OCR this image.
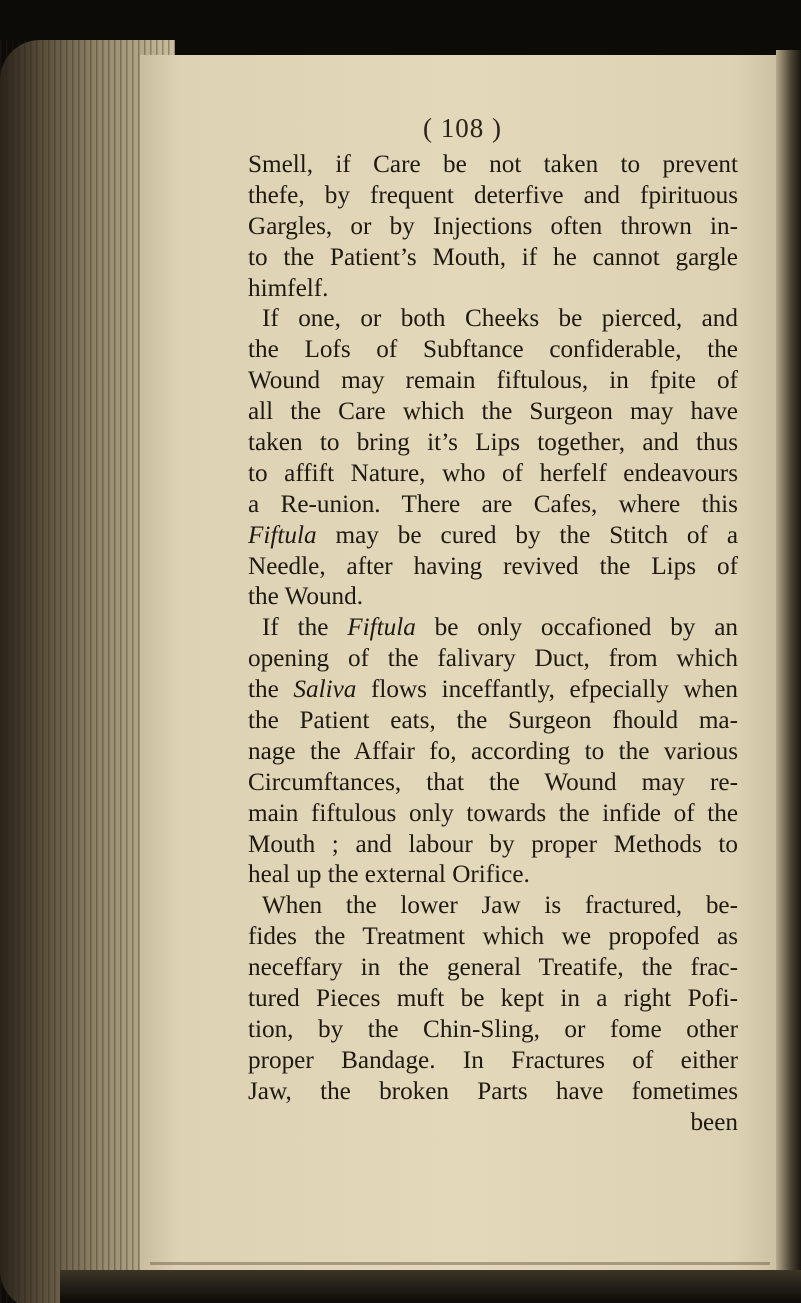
( 108 )
Smell, if Care be not taken to prevent
thefe, by frequent deterfive and fpirituous
Gargles, or by Injections often thrown in-
to the Patient’s Mouth, if he cannot gargle
himfelf.
If one, or both Cheeks be pierced, and
the Lofs of Subftance confiderable, the
Wound may remain fiftulous, in fpite of
all the Care which the Surgeon may have
taken to bring it’s Lips together, and thus
to affift Nature, who of herfelf endeavours
a Re-union. There are Cafes, where this
Fiftula may be cured by the Stitch of a
Needle, after having revived the Lips of
the Wound.
If the Fiftula be only occafioned by an
opening of the falivary Duct, from which
the Saliva flows inceffantly, efpecially when
the Patient eats, the Surgeon fhould ma-
nage the Affair fo, according to the various
Circumftances, that the Wound may re-
main fiftulous only towards the infide of the
Mouth ; and labour by proper Methods to
heal up the external Orifice.
When the lower Jaw is fractured, be-
fides the Treatment which we propofed as
neceffary in the general Treatife, the frac-
tured Pieces muft be kept in a right Pofi-
tion, by the Chin-Sling, or fome other
proper Bandage. In Fractures of either
Jaw, the broken Parts have fometimes
been
